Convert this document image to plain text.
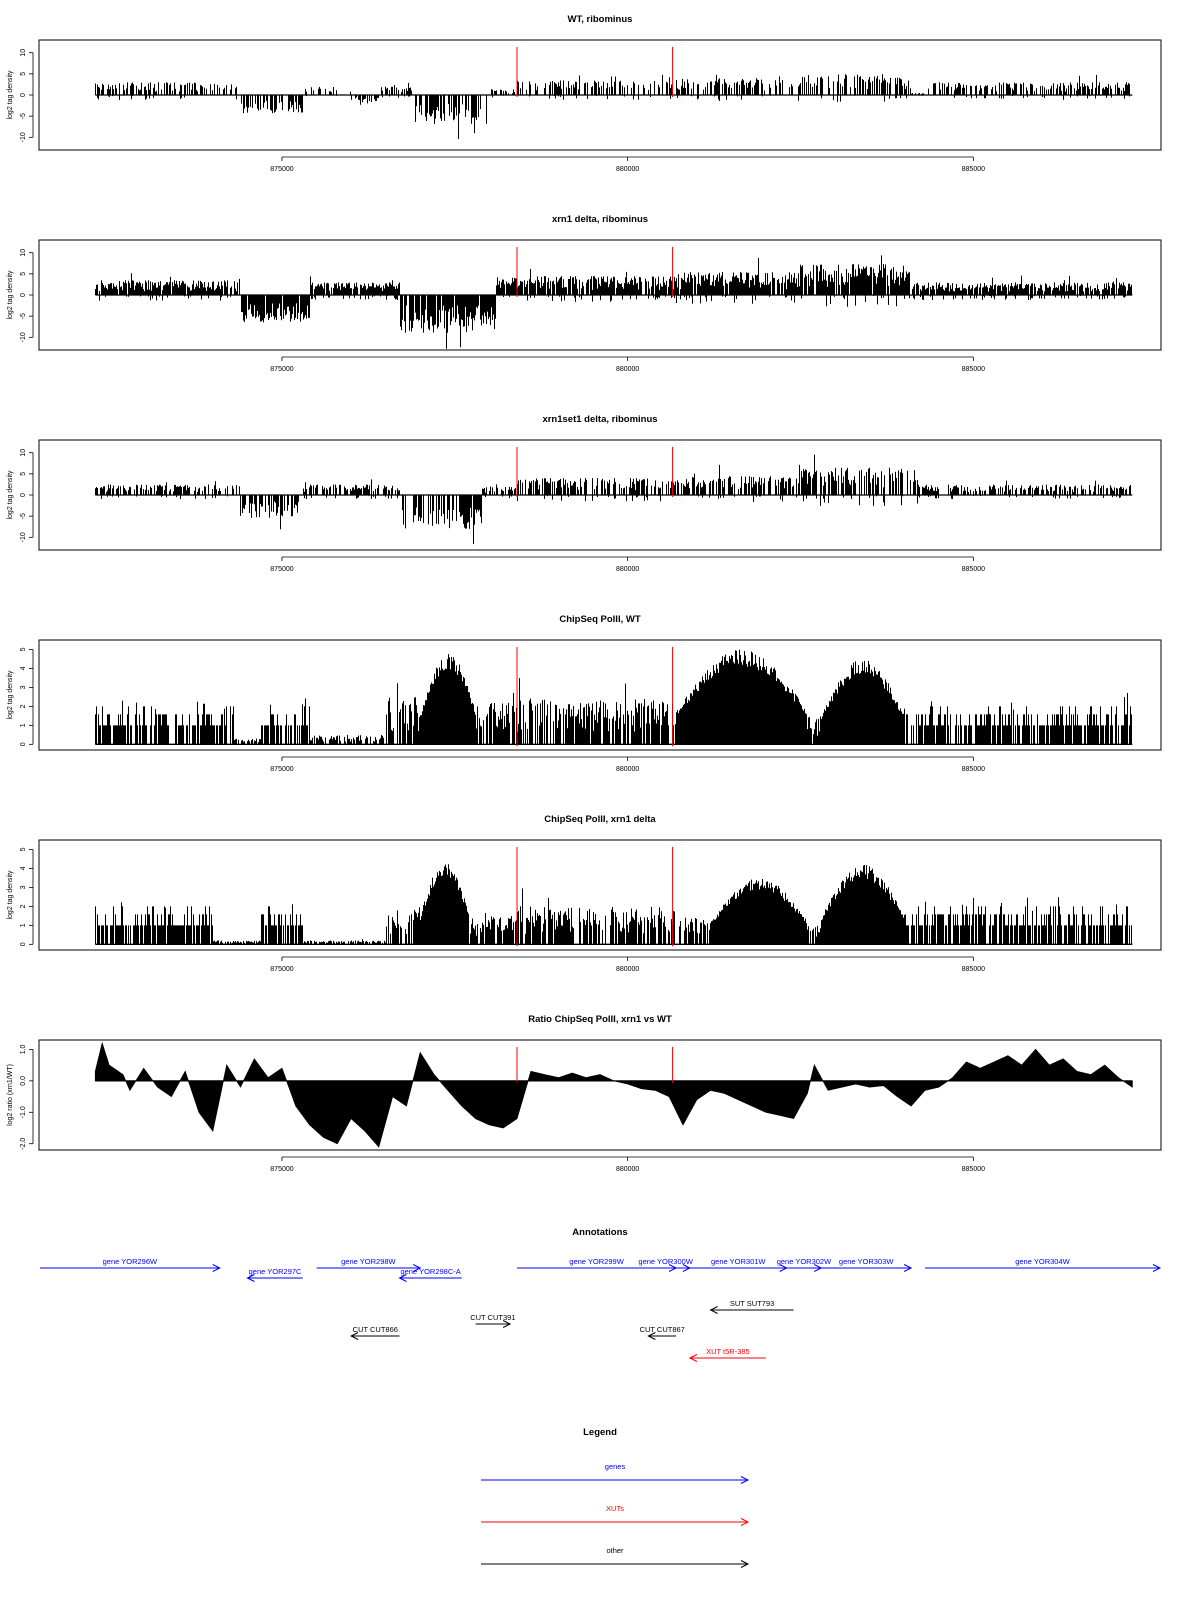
WT, ribominus
log2 tag density
10
5
0
-5
-10
875000	880000	885000
xrn1 delta, ribominus
log2 tag density
10
5
0
-5
-10
875000	880000	885000
xrn1set1 delta, ribominus
log2 tag density
10
5
0
-5
-10
875000	880000	885000
ChipSeq PolII, WT
log2 tag density
5
4
3
2
1
0
875000	880000	885000
ChipSeq PolII, xrn1 delta
log2 tag density
5
4
3
2
1
0
875000	880000	885000
Ratio ChipSeq PolII, xrn1 vs WT
log2 ratio (xrn1/WT)
1.0
0.0
-1.0
-2.0
875000	880000	885000
Annotations
gene YOR296W
gene YOR297C
gene YOR298W
gene YOR298C-A
gene YOR299W gene YOR300W gene YOR301W gene YOR302W gene YOR303W	gene YOR304W
SUT SUT793
CUT CUT391
CUT CUT866	CUT CUT867
XUT t5R-385
Legend
genes
XUTs
other
